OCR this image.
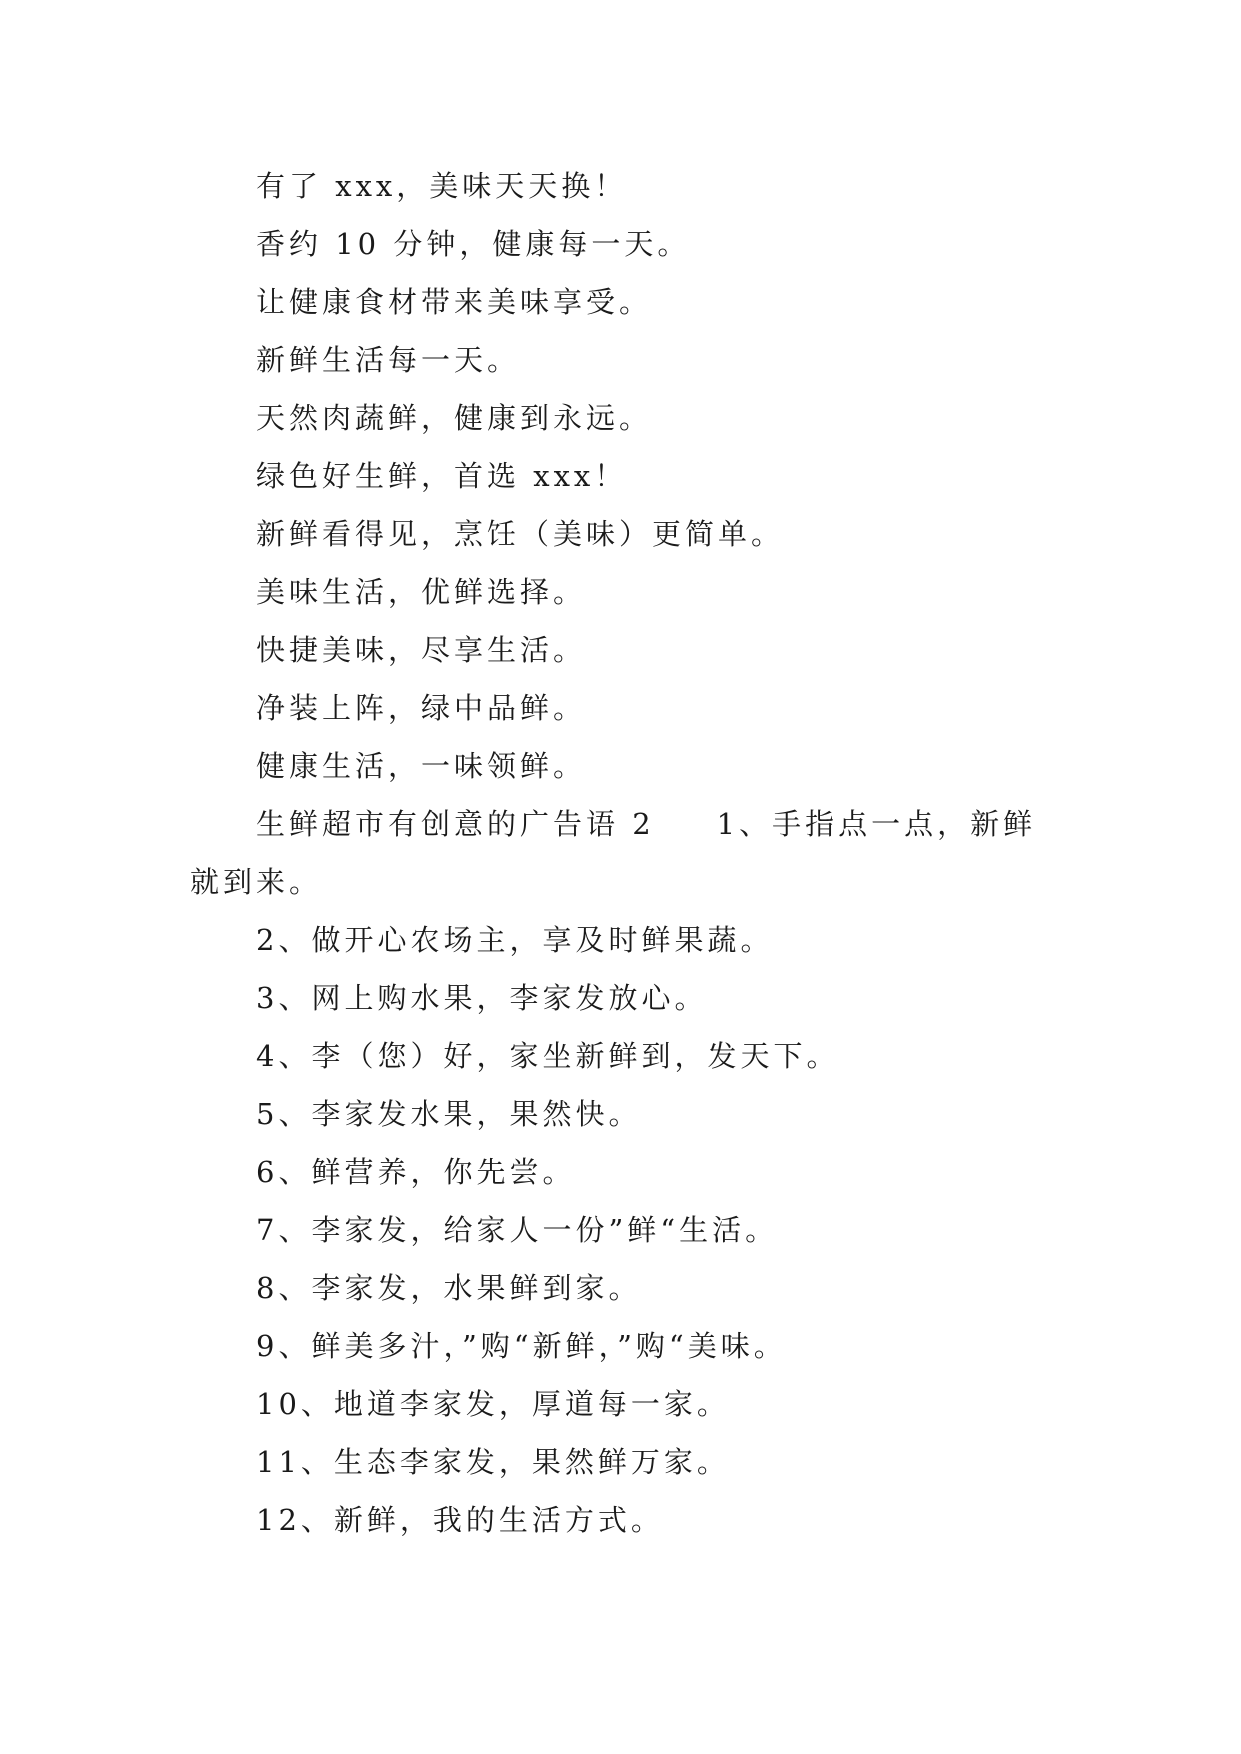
有了 xxx，美味天天换！

香约 10 分钟，健康每一天。

让健康食材带来美味享受。

新鲜生活每一天。

天然肉蔬鲜，健康到永远。

绿色好生鲜，首选 xxx！

新鲜看得见，烹饪（美味）更简单。

美味生活，优鲜选择。

快捷美味，尽享生活。

净装上阵，绿中品鲜。

健康生活，一味领鲜。

生鲜超市有创意的广告语 2 1、手指点一点，新鲜就到来。

2、做开心农场主，享及时鲜果蔬。

3、网上购水果，李家发放心。

4、李（您）好，家坐新鲜到，发天下。

5、李家发水果，果然快。

6、鲜营养，你先尝。

7、李家发，给家人一份”鲜“生活。

8、李家发，水果鲜到家。

9、鲜美多汁，”购“新鲜，”购“美味。

10、地道李家发，厚道每一家。

11、生态李家发，果然鲜万家。

12、新鲜，我的生活方式。
